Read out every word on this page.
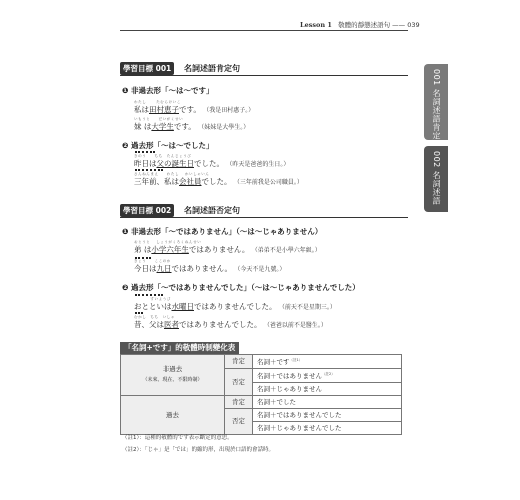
Lesson 1 敬體的靜態述語句 —— 039
001 名詞述語肯定句
002 名詞述語否定句
學習目標 001	名詞述語肯定句
❶ 非過去形「～は～です」
わたし　　 たむらけいこ
私は田村恵子です。 （我是田村惠子。）
いもうと　　だいがくせい
妹 は大学生です。 （妹妹是大學生。）
❷ 過去形「～は～でした」
きのう　　ちち　たんじょうび
昨日は父の誕生日でした。 （昨天是爸爸的生日。）
さんねんまえ　　わたし　 かいしゃいん
三年前、私は会社員でした。 （三年前我是公司職員。）
學習目標 002	名詞述語否定句
❶ 非過去形「～ではありません」（～は～じゃありません）
おとうと　 しょうがくろくねんせい
弟 は小学六年生ではありません。 （弟弟不是小學六年級。）
きょう　　ここのか
今日は九日ではありません。 （今天不是九號。）
❷ 過去形「～ではありませんでした」（～は～じゃありませんでした）
　　　　すいようび
おとといは水曜日ではありませんでした。 （前天不是星期三。）
むかし　ちち　いしゃ
昔、父は医者ではありませんでした。 （爸爸以前不是醫生。）
「名詞+です」的敬體時制變化表
非過去
（未來、現在、不限時制）	肯定	名詞＋です$^{(註1)}$
	否定	名詞＋ではありません$^{(註2)}$
		名詞＋じゃありません
過去	肯定	名詞＋でした
	否定	名詞＋ではありませんでした
		名詞＋じゃありませんでした
（註1）：這種的敬體的です表示斷定的意思。
（註2）：「じゃ」是「では」的縮約形，出現於口語的會話時。
